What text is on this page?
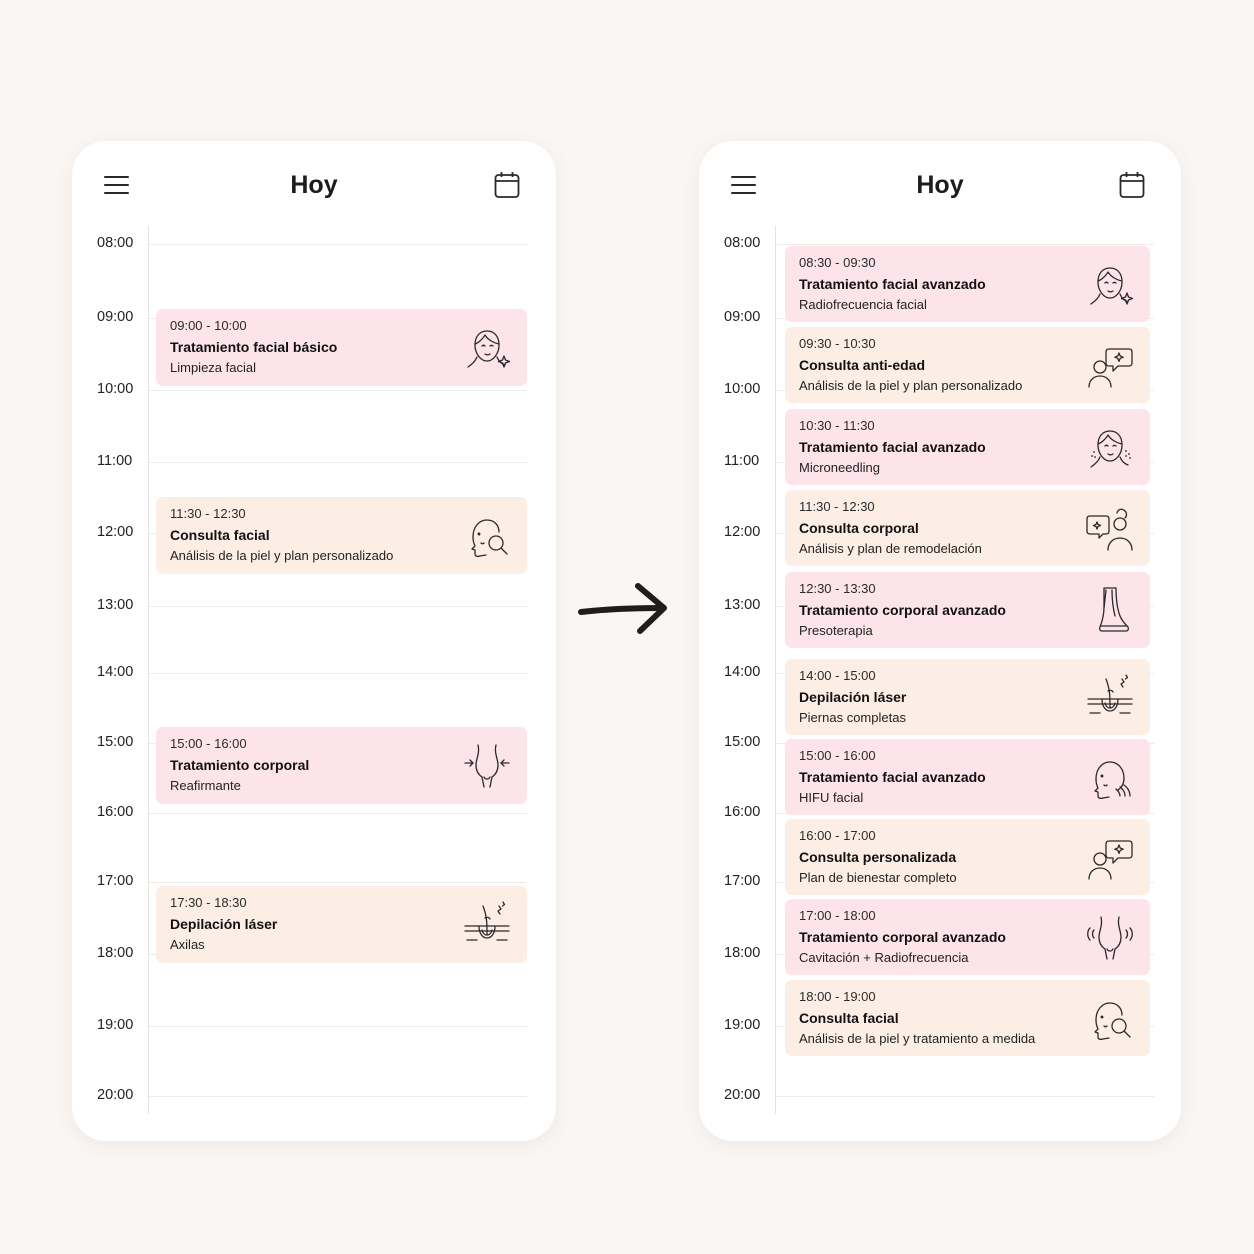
Hoy
08:00
09:00
10:00
11:00
12:00
13:00
14:00
15:00
16:00
17:00
18:00
19:00
20:00
09:00 - 10:00
Tratamiento facial básico
Limpieza facial
11:30 - 12:30
Consulta facial
Análisis de la piel y plan personalizado
15:00 - 16:00
Tratamiento corporal
Reafirmante
17:30 - 18:30
Depilación láser
Axilas
Hoy
08:00
09:00
10:00
11:00
12:00
13:00
14:00
15:00
16:00
17:00
18:00
19:00
20:00
08:30 - 09:30
Tratamiento facial avanzado
Radiofrecuencia facial
09:30 - 10:30
Consulta anti-edad
Análisis de la piel y plan personalizado
10:30 - 11:30
Tratamiento facial avanzado
Microneedling
11:30 - 12:30
Consulta corporal
Análisis y plan de remodelación
12:30 - 13:30
Tratamiento corporal avanzado
Presoterapia
14:00 - 15:00
Depilación láser
Piernas completas
15:00 - 16:00
Tratamiento facial avanzado
HIFU facial
16:00 - 17:00
Consulta personalizada
Plan de bienestar completo
17:00 - 18:00
Tratamiento corporal avanzado
Cavitación + Radiofrecuencia
18:00 - 19:00
Consulta facial
Análisis de la piel y tratamiento a medida
